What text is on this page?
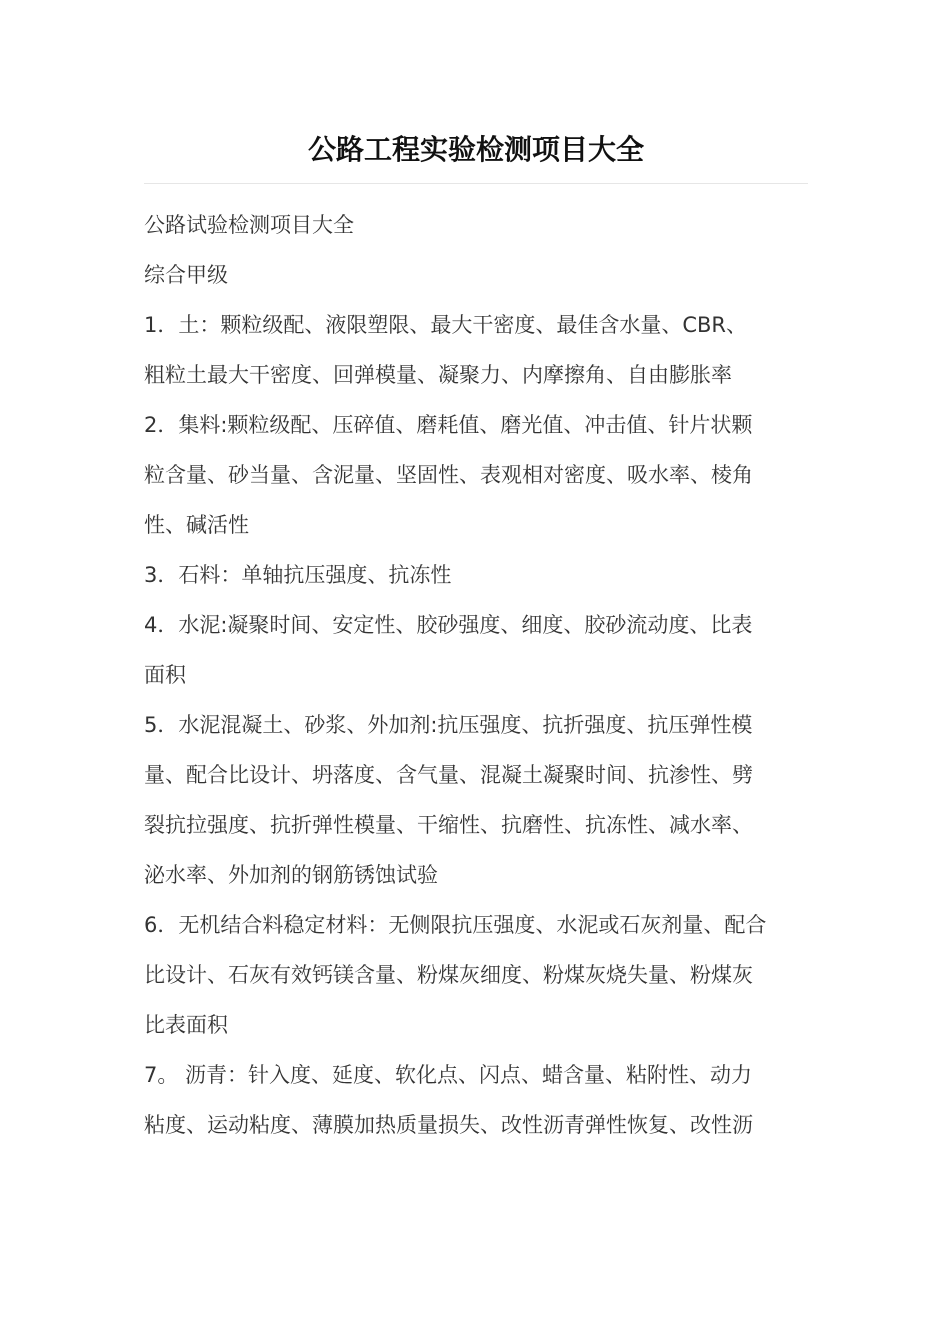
公路工程实验检测项目大全

公路试验检测项目大全

综合甲级

1．土：颗粒级配、液限塑限、最大干密度、最佳含水量、CBR、

粗粒土最大干密度、回弹模量、凝聚力、内摩擦角、自由膨胀率

2．集料:颗粒级配、压碎值、磨耗值、磨光值、冲击值、针片状颗

粒含量、砂当量、含泥量、坚固性、表观相对密度、吸水率、棱角

性、碱活性

3．石料：单轴抗压强度、抗冻性

4．水泥:凝聚时间、安定性、胶砂强度、细度、胶砂流动度、比表

面积

5．水泥混凝土、砂浆、外加剂:抗压强度、抗折强度、抗压弹性模

量、配合比设计、坍落度、含气量、混凝土凝聚时间、抗渗性、劈

裂抗拉强度、抗折弹性模量、干缩性、抗磨性、抗冻性、减水率、

泌水率、外加剂的钢筋锈蚀试验

6．无机结合料稳定材料：无侧限抗压强度、水泥或石灰剂量、配合

比设计、石灰有效钙镁含量、粉煤灰细度、粉煤灰烧失量、粉煤灰

比表面积

7。 沥青：针入度、延度、软化点、闪点、蜡含量、粘附性、动力

粘度、运动粘度、薄膜加热质量损失、改性沥青弹性恢复、改性沥
